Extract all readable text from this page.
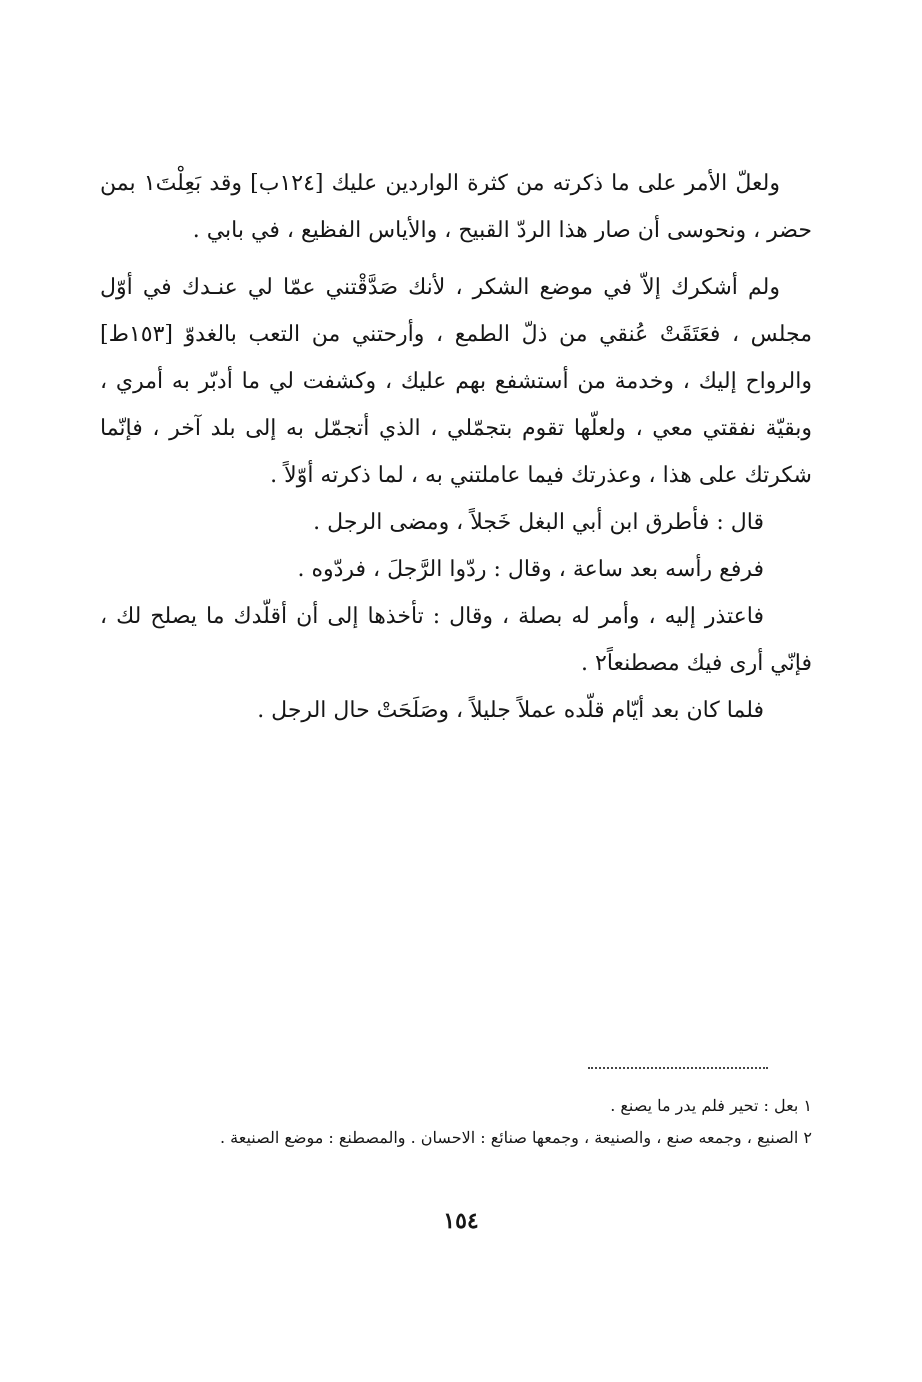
ولعلّ الأمر على ما ذكرته من كثرة الواردين عليك [١٢٤ب] وقد بَعِلْتَ١ بمن حضر ، ونحوسى أن صار هذا الردّ القبيح ، والأياس الفظيع ، في بابي .

ولم أشكرك إلاّ في موضع الشكر ، لأنك صَدَّقْتني عمّا لي عنـدك في أوّل مجلس ، فعَتَقَتْ عُنقي من ذلّ الطمع ، وأرحتني من التعب بالغدوّ [١٥٣ط] والرواح إليك ، وخدمة من أستشفع بهم عليك ، وكشفت لي ما أدبّر به أمري ، وبقيّة نفقتي معي ، ولعلّها تقوم بتجمّلي ، الذي أتجمّل به إلى بلد آخر ، فإنّما شكرتك على هذا ، وعذرتك فيما عاملتني به ، لما ذكرته أوّلاً .

قال : فأطرق ابن أبي البغل خَجلاً ، ومضى الرجل .

فرفع رأسه بعد ساعة ، وقال : ردّوا الرَّجلَ ، فردّوه .

فاعتذر إليه ، وأمر له بصلة ، وقال : تأخذها إلى أن أقلّدك ما يصلح لك ، فإنّي أرى فيك مصطنعاً٢ .

فلما كان بعد أيّام قلّده عملاً جليلاً ، وصَلَحَتْ حال الرجل .

١ بعل : تحير فلم يدر ما يصنع .

٢ الصنيع ، وجمعه صنع ، والصنيعة ، وجمعها صنائع : الاحسان . والمصطنع : موضع الصنيعة .

١٥٤
